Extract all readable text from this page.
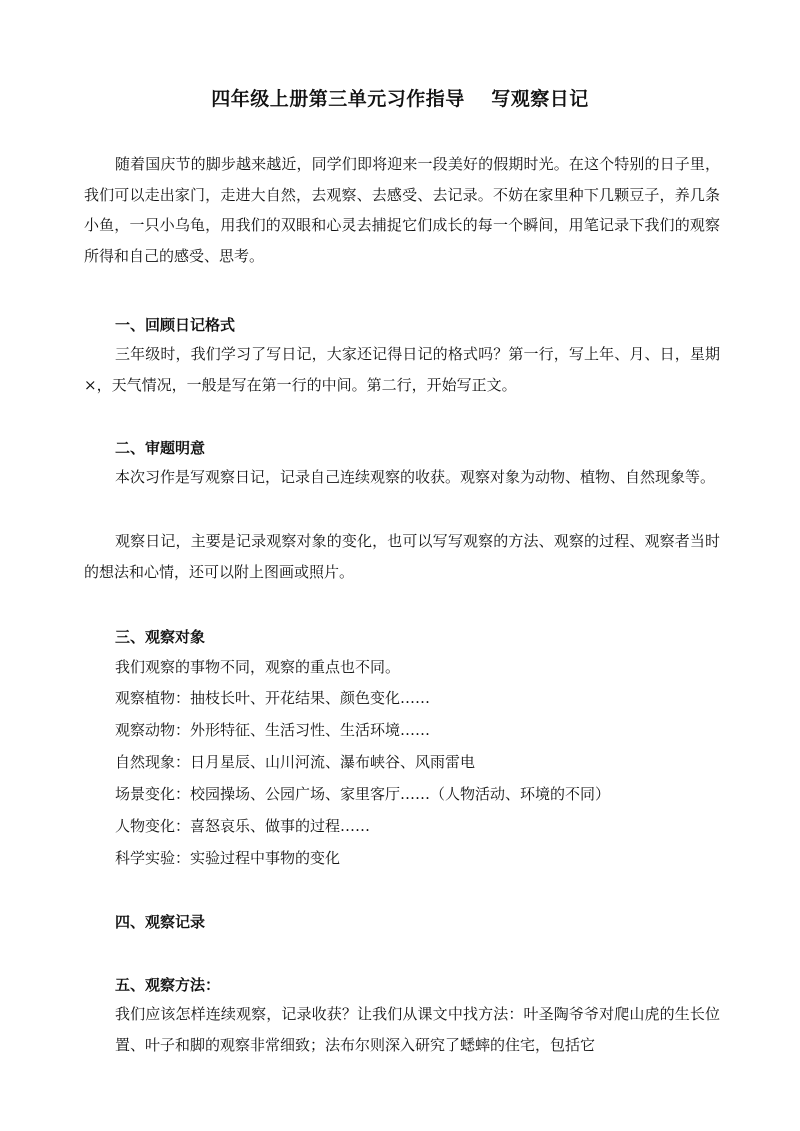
四年级上册第三单元习作指导　 写观察日记

随着国庆节的脚步越来越近，同学们即将迎来一段美好的假期时光。在这个特别的日子里，我们可以走出家门，走进大自然，去观察、去感受、去记录。不妨在家里种下几颗豆子，养几条小鱼，一只小乌龟，用我们的双眼和心灵去捕捉它们成长的每一个瞬间，用笔记录下我们的观察所得和自己的感受、思考。

一、回顾日记格式

三年级时，我们学习了写日记，大家还记得日记的格式吗？第一行，写上年、月、日，星期×，天气情况，一般是写在第一行的中间。第二行，开始写正文。

二、审题明意

本次习作是写观察日记，记录自己连续观察的收获。观察对象为动物、植物、自然现象等。

观察日记，主要是记录观察对象的变化，也可以写写观察的方法、观察的过程、观察者当时的想法和心情，还可以附上图画或照片。

三、观察对象
我们观察的事物不同，观察的重点也不同。
观察植物：抽枝长叶、开花结果、颜色变化……
观察动物：外形特征、生活习性、生活环境……
自然现象：日月星辰、山川河流、瀑布峡谷、风雨雷电
场景变化：校园操场、公园广场、家里客厅……（人物活动、环境的不同）
人物变化：喜怒哀乐、做事的过程……
科学实验：实验过程中事物的变化
四、观察记录
五、观察方法：

我们应该怎样连续观察，记录收获？让我们从课文中找方法：叶圣陶爷爷对爬山虎的生长位置、叶子和脚的观察非常细致；法布尔则深入研究了蟋蟀的住宅，包括它
